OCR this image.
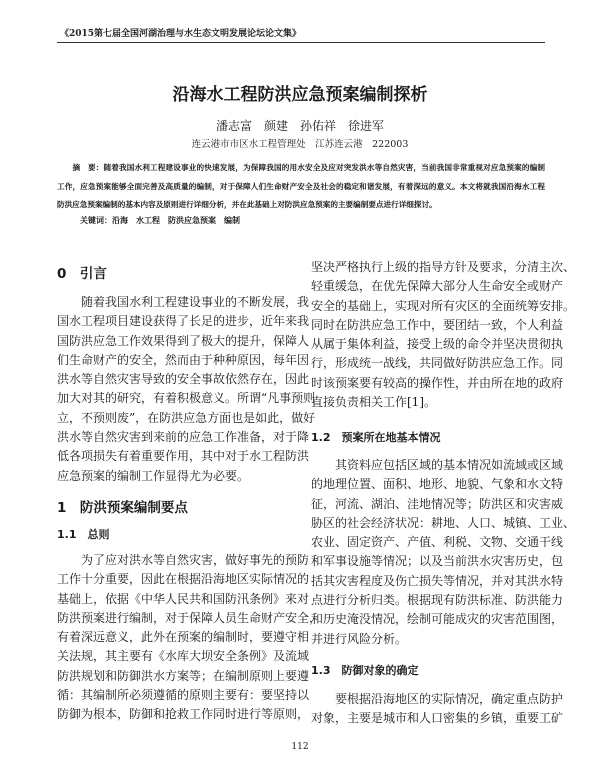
《2015第七届全国河湖治理与水生态文明发展论坛论文集》
沿海水工程防洪应急预案编制探析
潘志富　颜建　孙佑祥　徐进军
连云港市市区水工程管理处　江苏连云港　222003
　　摘　要：随着我国水利工程建设事业的快速发展，为保障我国的用水安全及应对突发洪水等自然灾害，当前我国非常重视对应急预案的编制
工作，应急预案能够全面完善及高质量的编制，对于保障人们生命财产安全及社会的稳定和谐发展，有着深远的意义。本文将就我国沿海水工程
防洪应急预案编制的基本内容及原则进行详细分析，并在此基础上对防洪应急预案的主要编制要点进行详细探讨。
关键词：沿海　水工程　防洪应急预案　编制
0　引言
随着我国水利工程建设事业的不断发展，我
国水工程项目建设获得了长足的进步，近年来我
国防洪应急工作效果得到了极大的提升，保障人
们生命财产的安全，然而由于种种原因，每年因
洪水等自然灾害导致的安全事故依然存在，因此
加大对其的研究，有着积极意义。所谓“凡事预则
立，不预则废”，在防洪应急方面也是如此，做好
洪水等自然灾害到来前的应急工作准备，对于降
低各项损失有着重要作用，其中对于水工程防洪
应急预案的编制工作显得尤为必要。
1　防洪预案编制要点
1.1　总则
为了应对洪水等自然灾害，做好事先的预防
工作十分重要，因此在根据沿海地区实际情况的
基础上，依据《中华人民共和国防汛条例》来对
防洪预案进行编制，对于保障人员生命财产安全，
有着深远意义，此外在预案的编制时，要遵守相
关法规，其主要有《水库大坝安全条例》及流域
防洪规划和防御洪水方案等；在编制原则上要遵
循：其编制所必须遵循的原则主要有：要坚持以
防御为根本，防御和抢救工作同时进行等原则，
坚决严格执行上级的指导方针及要求，分清主次、
轻重缓急，在优先保障大部分人生命安全或财产
安全的基础上，实现对所有灾区的全面统筹安排。
同时在防洪应急工作中，要团结一致，个人利益
从属于集体利益，接受上级的命令并坚决贯彻执
行，形成统一战线，共同做好防洪应急工作。同
时该预案要有较高的操作性，并由所在地的政府
直接负责相关工作[1]。
1.2　预案所在地基本情况
其资料应包括区域的基本情况如流域或区域
的地理位置、面积、地形、地貌、气象和水文特
征，河流、湖泊、洼地情况等；防洪区和灾害威
胁区的社会经济状况：耕地、人口、城镇、工业、
农业、固定资产、产值、利税、文物、交通干线
和军事设施等情况；以及当前洪水灾害历史，包
括其灾害程度及伤亡损失等情况，并对其洪水特
点进行分析归类。根据现有防洪标准、防洪能力
和历史淹没情况，绘制可能成灾的灾害范围图，
并进行风险分析。
1.3　防御对象的确定
要根据沿海地区的实际情况，确定重点防护
对象，主要是城市和人口密集的乡镇，重要工矿
112
